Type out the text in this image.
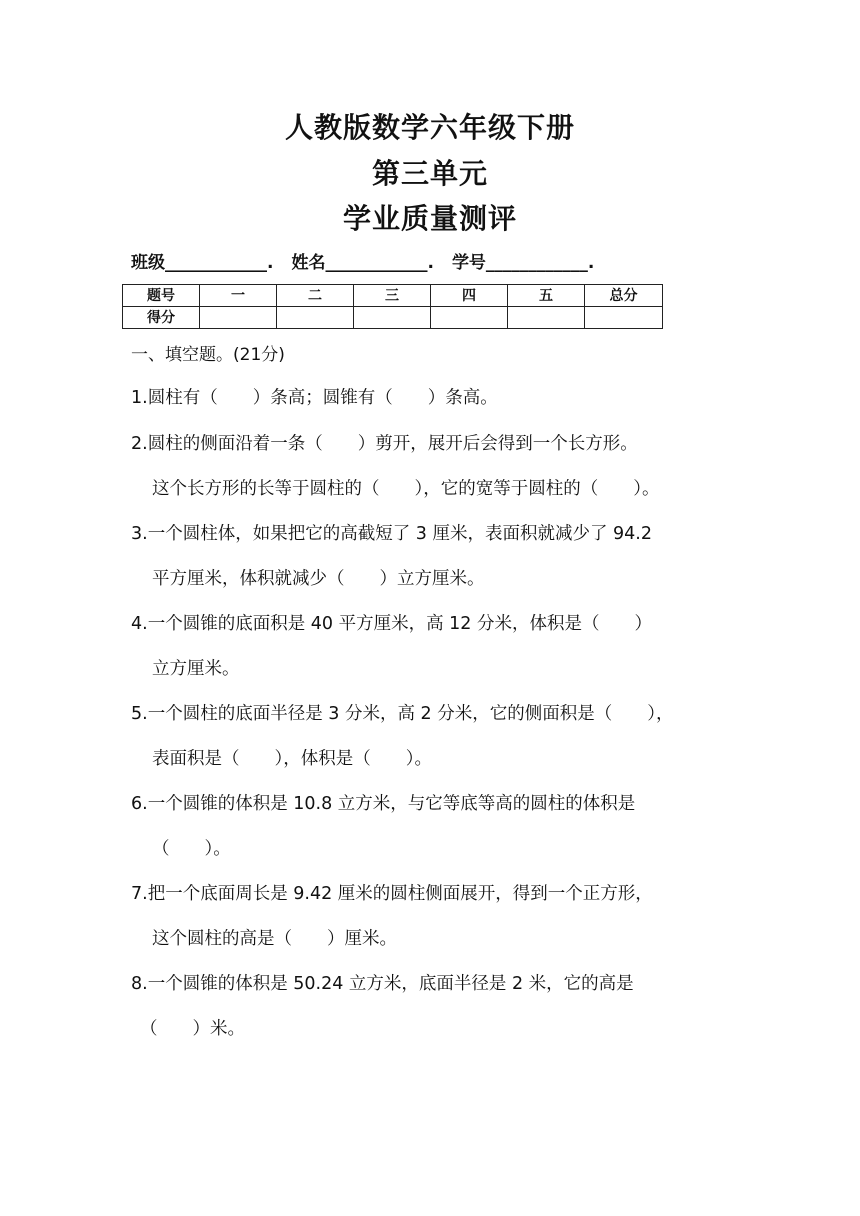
人教版数学六年级下册
第三单元
学业质量测评
班级____________. 姓名____________. 学号____________.
题号	一	二	三	四	五	总分
得分						
一、填空题。(21分)
1.圆柱有（　　）条高；圆锥有（　　）条高。
2.圆柱的侧面沿着一条（　　）剪开，展开后会得到一个长方形。
这个长方形的长等于圆柱的（　　），它的宽等于圆柱的（　　）。
3.一个圆柱体，如果把它的高截短了 3 厘米，表面积就减少了 94.2
平方厘米，体积就减少（　　）立方厘米。
4.一个圆锥的底面积是 40 平方厘米，高 12 分米，体积是（　　）
立方厘米。
5.一个圆柱的底面半径是 3 分米，高 2 分米，它的侧面积是（　　），
表面积是（　　），体积是（　　）。
6.一个圆锥的体积是 10.8 立方米，与它等底等高的圆柱的体积是
（　　）。
7.把一个底面周长是 9.42 厘米的圆柱侧面展开，得到一个正方形，
这个圆柱的高是（　　）厘米。
8.一个圆锥的体积是 50.24 立方米，底面半径是 2 米，它的高是
（　　）米。
